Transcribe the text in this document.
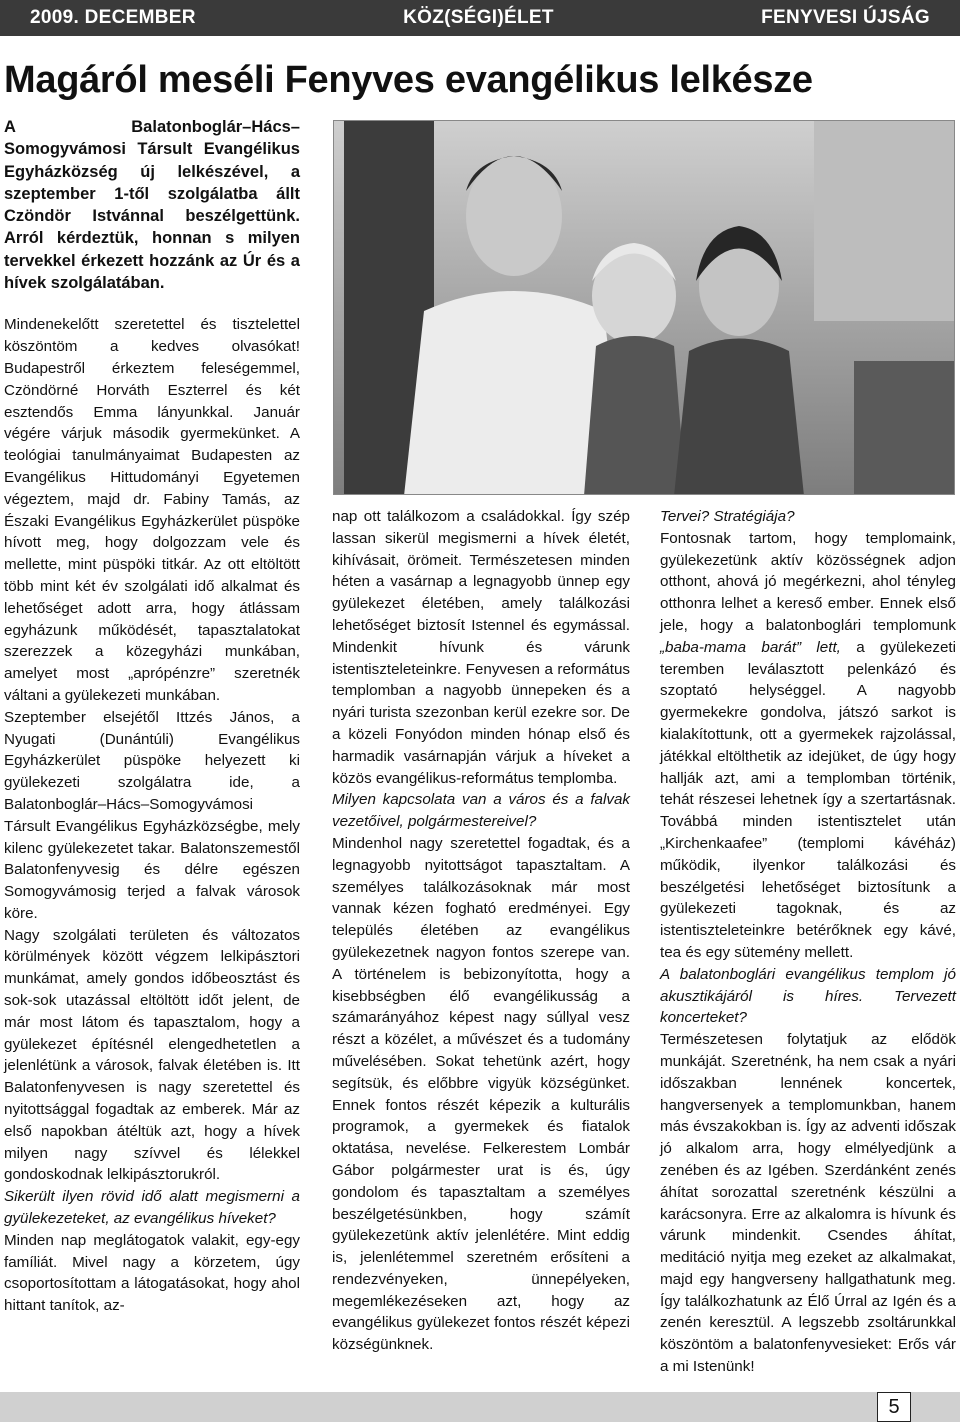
2009. DECEMBER	KÖZ(SÉGI)ÉLET	FENYVESI ÚJSÁG
Magáról meséli Fenyves evangélikus lelkésze

A Balatonboglár–Hács–Somogyvámosi Társult Evangélikus Egyházközség új lelkészével, a szeptember 1-től szolgálatba állt Czöndör Istvánnal beszélgettünk. Arról kérdeztük, honnan s milyen tervekkel érkezett hozzánk az Úr és a hívek szolgálatában.

Mindenekelőtt szeretettel és tisztelettel köszöntöm a kedves olvasókat! Budapestről érkeztem feleségemmel, Czöndörné Horváth Eszterrel és két esztendős Emma lányunkkal. Január végére várjuk második gyermekünket. A teológiai tanulmányaimat Budapesten az Evangélikus Hittudományi Egyetemen végeztem, majd dr. Fabiny Tamás, az Északi Evangélikus Egyházkerület püspöke hívott meg, hogy dolgozzam vele és mellette, mint püspöki titkár. Az ott eltöltött több mint két év szolgálati idő alkalmat és lehetőséget adott arra, hogy átlássam egyházunk működését, tapasztalatokat szerezzek a közegyházi munkában, amelyet most „aprópénzre” szeretnék váltani a gyülekezeti munkában.

Szeptember elsejétől Ittzés János, a Nyugati (Dunántúli) Evangélikus Egyházkerület püspöke helyezett ki gyülekezeti szolgálatra ide, a Balatonboglár–Hács–Somogyvámosi Társult Evangélikus Egyházközségbe, mely kilenc gyülekezetet takar. Balatonszemestől Balatonfenyvesig és délre egészen Somogyvámosig terjed a falvak városok köre.

Nagy szolgálati területen és változatos körülmények között végzem lelkipásztori munkámat, amely gondos időbeosztást és sok-sok utazással eltöltött időt jelent, de már most látom és tapasztalom, hogy a gyülekezet építésnél elengedhetetlen a jelenlétünk a városok, falvak életében is. Itt Balatonfenyvesen is nagy szeretettel és nyitottsággal fogadtak az emberek. Már az első napokban átéltük azt, hogy a hívek milyen nagy szívvel és lélekkel gondoskodnak lelkipásztorukról.

Sikerült ilyen rövid idő alatt megismerni a gyülekezeteket, az evangélikus híveket?

Minden nap meglátogatok valakit, egy-egy famíliát. Mivel nagy a körzetem, úgy csoportosítottam a látogatásokat, hogy ahol hittant tanítok, az-

nap ott találkozom a családokkal. Így szép lassan sikerül megismerni a hívek életét, kihívásait, örömeit. Természetesen minden héten a vasárnap a legnagyobb ünnep egy gyülekezet életében, amely találkozási lehetőséget biztosít Istennel és egymással. Mindenkit hívunk és várunk istentiszteleteinkre. Fenyvesen a református templomban a nagyobb ünnepeken és a nyári turista szezonban kerül ezekre sor. De a közeli Fonyódon minden hónap első és harmadik vasárnapján várjuk a híveket a közös evangélikus-református templomba.

Milyen kapcsolata van a város és a falvak vezetőivel, polgármestereivel?

Mindenhol nagy szeretettel fogadtak, és a legnagyobb nyitottságot tapasztaltam. A személyes találkozásoknak már most vannak kézen fogható eredményei. Egy település életében az evangélikus gyülekezetnek nagyon fontos szerepe van. A történelem is bebizonyította, hogy a kisebbségben élő evangélikusság a számarányához képest nagy súllyal vesz részt a közélet, a művészet és a tudomány művelésében. Sokat tehetünk azért, hogy segítsük, és előbbre vigyük községünket. Ennek fontos részét képezik a kulturális programok, a gyermekek és fiatalok oktatása, nevelése. Felkerestem Lombár Gábor polgármester urat is és, úgy gondolom és tapasztaltam a személyes beszélgetésünkben, hogy számít gyülekezetünk aktív jelenlétére. Mint eddig is, jelenlétemmel szeretném erősíteni a rendezvényeken, ünnepélyeken, megemlékezéseken azt, hogy az evangélikus gyülekezet fontos részét képezi községünknek.

Tervei? Stratégiája?

Fontosnak tartom, hogy templomaink, gyülekezetünk aktív közösségnek adjon otthont, ahová jó megérkezni, ahol tényleg otthonra lelhet a kereső ember. Ennek első jele, hogy a balatonboglári templomunk „baba-mama barát” lett, a gyülekezeti teremben leválasztott pelenkázó és szoptató helységgel. A nagyobb gyermekekre gondolva, játszó sarkot is kialakítottunk, ott a gyermekek rajzolással, játékkal eltölthetik az idejüket, de úgy hogy hallják azt, ami a templomban történik, tehát részesei lehetnek így a szertartásnak. Továbbá minden istentisztelet után „Kirchenkaafee” (templomi kávéház) működik, ilyenkor találkozási és beszélgetési lehetőséget biztosítunk a gyülekezeti tagoknak, és az istentiszteleteinkre betérőknek egy kávé, tea és egy sütemény mellett.

A balatonboglári evangélikus templom jó akusztikájáról is híres. Tervezett koncerteket?

Természetesen folytatjuk az elődök munkáját. Szeretnénk, ha nem csak a nyári időszakban lennének koncertek, hangversenyek a templomunkban, hanem más évszakokban is. Így az adventi időszak jó alkalom arra, hogy elmélyedjünk a zenében és az Igében. Szerdánként zenés áhítat sorozattal szeretnénk készülni a karácsonyra. Erre az alkalomra is hívunk és várunk mindenkit. Csendes áhítat, meditáció nyitja meg ezeket az alkalmakat, majd egy hangverseny hallgathatunk meg. Így találkozhatunk az Élő Úrral az Igén és a zenén keresztül. A legszebb zsoltárunkkal köszöntöm a balatonfenyvesieket: Erős vár a mi Istenünk!

5
